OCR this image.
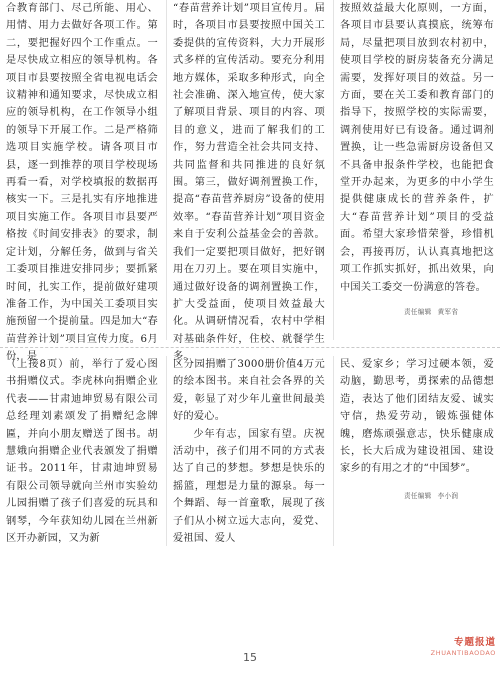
合教育部门、尽己所能、用心、用情、用力去做好各项工作。第二，要把握好四个工作重点。一是尽快成立相应的领导机构。各项目市县要按照全省电视电话会议精神和通知要求，尽快成立相应的领导机构，在工作领导小组的领导下开展工作。二是严格筛选项目实施学校。请各项目市县，逐一到推荐的项目学校现场再看一看，对学校填报的数据再核实一下。三是扎实有序地推进项目实施工作。各项目市县要严格按《时间安排表》的要求，制定计划，分解任务，做到与省关工委项目推进安排同步；要抓紧时间，扎实工作，提前做好建项准备工作，为中国关工委项目实施预留一个提前量。四是加大“春苗营养计划”项目宣传力度。6月份，是

“春苗营养计划”项目宣传月。届时，各项目市县要按照中国关工委提供的宣传资料，大力开展形式多样的宣传活动。要充分利用地方媒体，采取多种形式，向全社会准确、深入地宣传，使大家了解项目背景、项目的内容、项目的意义，进而了解我们的工作，努力营造全社会共同支持、共同监督和共同推进的良好氛围。第三，做好调剂置换工作，提高“春苗营养厨房”设备的使用效率。“春苗营养计划”项目资金来自于安利公益基金会的善款。我们一定要把项目做好，把好钢用在刀刃上。要在项目实施中，通过做好设备的调剂置换工作，扩大受益面，使项目效益最大化。从调研情况看，农村中学相对基础条件好，住校、就餐学生多。

按照效益最大化原则，一方面，各项目市县要认真摸底，统筹布局，尽量把项目放到农村初中，使项目学校的厨房装备充分满足需要，发挥好项目的效益。另一方面，要在关工委和教育部门的指导下，按照学校的实际需要，调剂使用好已有设备。通过调剂置换，让一些急需厨房设备但又不具备申报条件学校，也能把食堂开办起来，为更多的中小学生提供健康成长的营养条件，扩大“春苗营养计划”项目的受益面。希望大家珍惜荣誉，珍惜机会，再接再厉，认认真真地把这项工作抓实抓好，抓出效果，向中国关工委交一份满意的答卷。

责任编辑 黄军省

（上接8页）前，举行了爱心图书捐赠仪式。李虎林向捐赠企业代表——甘肃迪坤贸易有限公司总经理刘素颂发了捐赠纪念牌匾，并向小朋友赠送了图书。胡慧娥向捐赠企业代表颁发了捐赠证书。2011年，甘肃迪坤贸易有限公司领导就向兰州市实验幼儿园捐赠了孩子们喜爱的玩具和钢琴，今年获知幼儿园在兰州新区开办新园，又为新

区分园捐赠了3000册价值4万元的绘本图书。来自社会各界的关爱，彰显了对少年儿童世间最美好的爱心。

少年有志，国家有望。庆祝活动中，孩子们用不同的方式表达了自己的梦想。梦想是快乐的摇篮，理想是力量的源泉。每一个舞蹈、每一首童歌，展现了孩子们从小树立远大志向，爱党、爱祖国、爱人

民、爱家乡；学习过硬本领，爱动脑，勤思考，勇探索的品德想造，表达了他们团结友爱、诚实守信，热爱劳动，锻炼强健体魄，磨炼顽强意志，快乐健康成长，长大后成为建设祖国、建设家乡的有用之才的“中国梦”。

责任编辑 李小润
15
专题报道
ZHUANTIBAODAO
